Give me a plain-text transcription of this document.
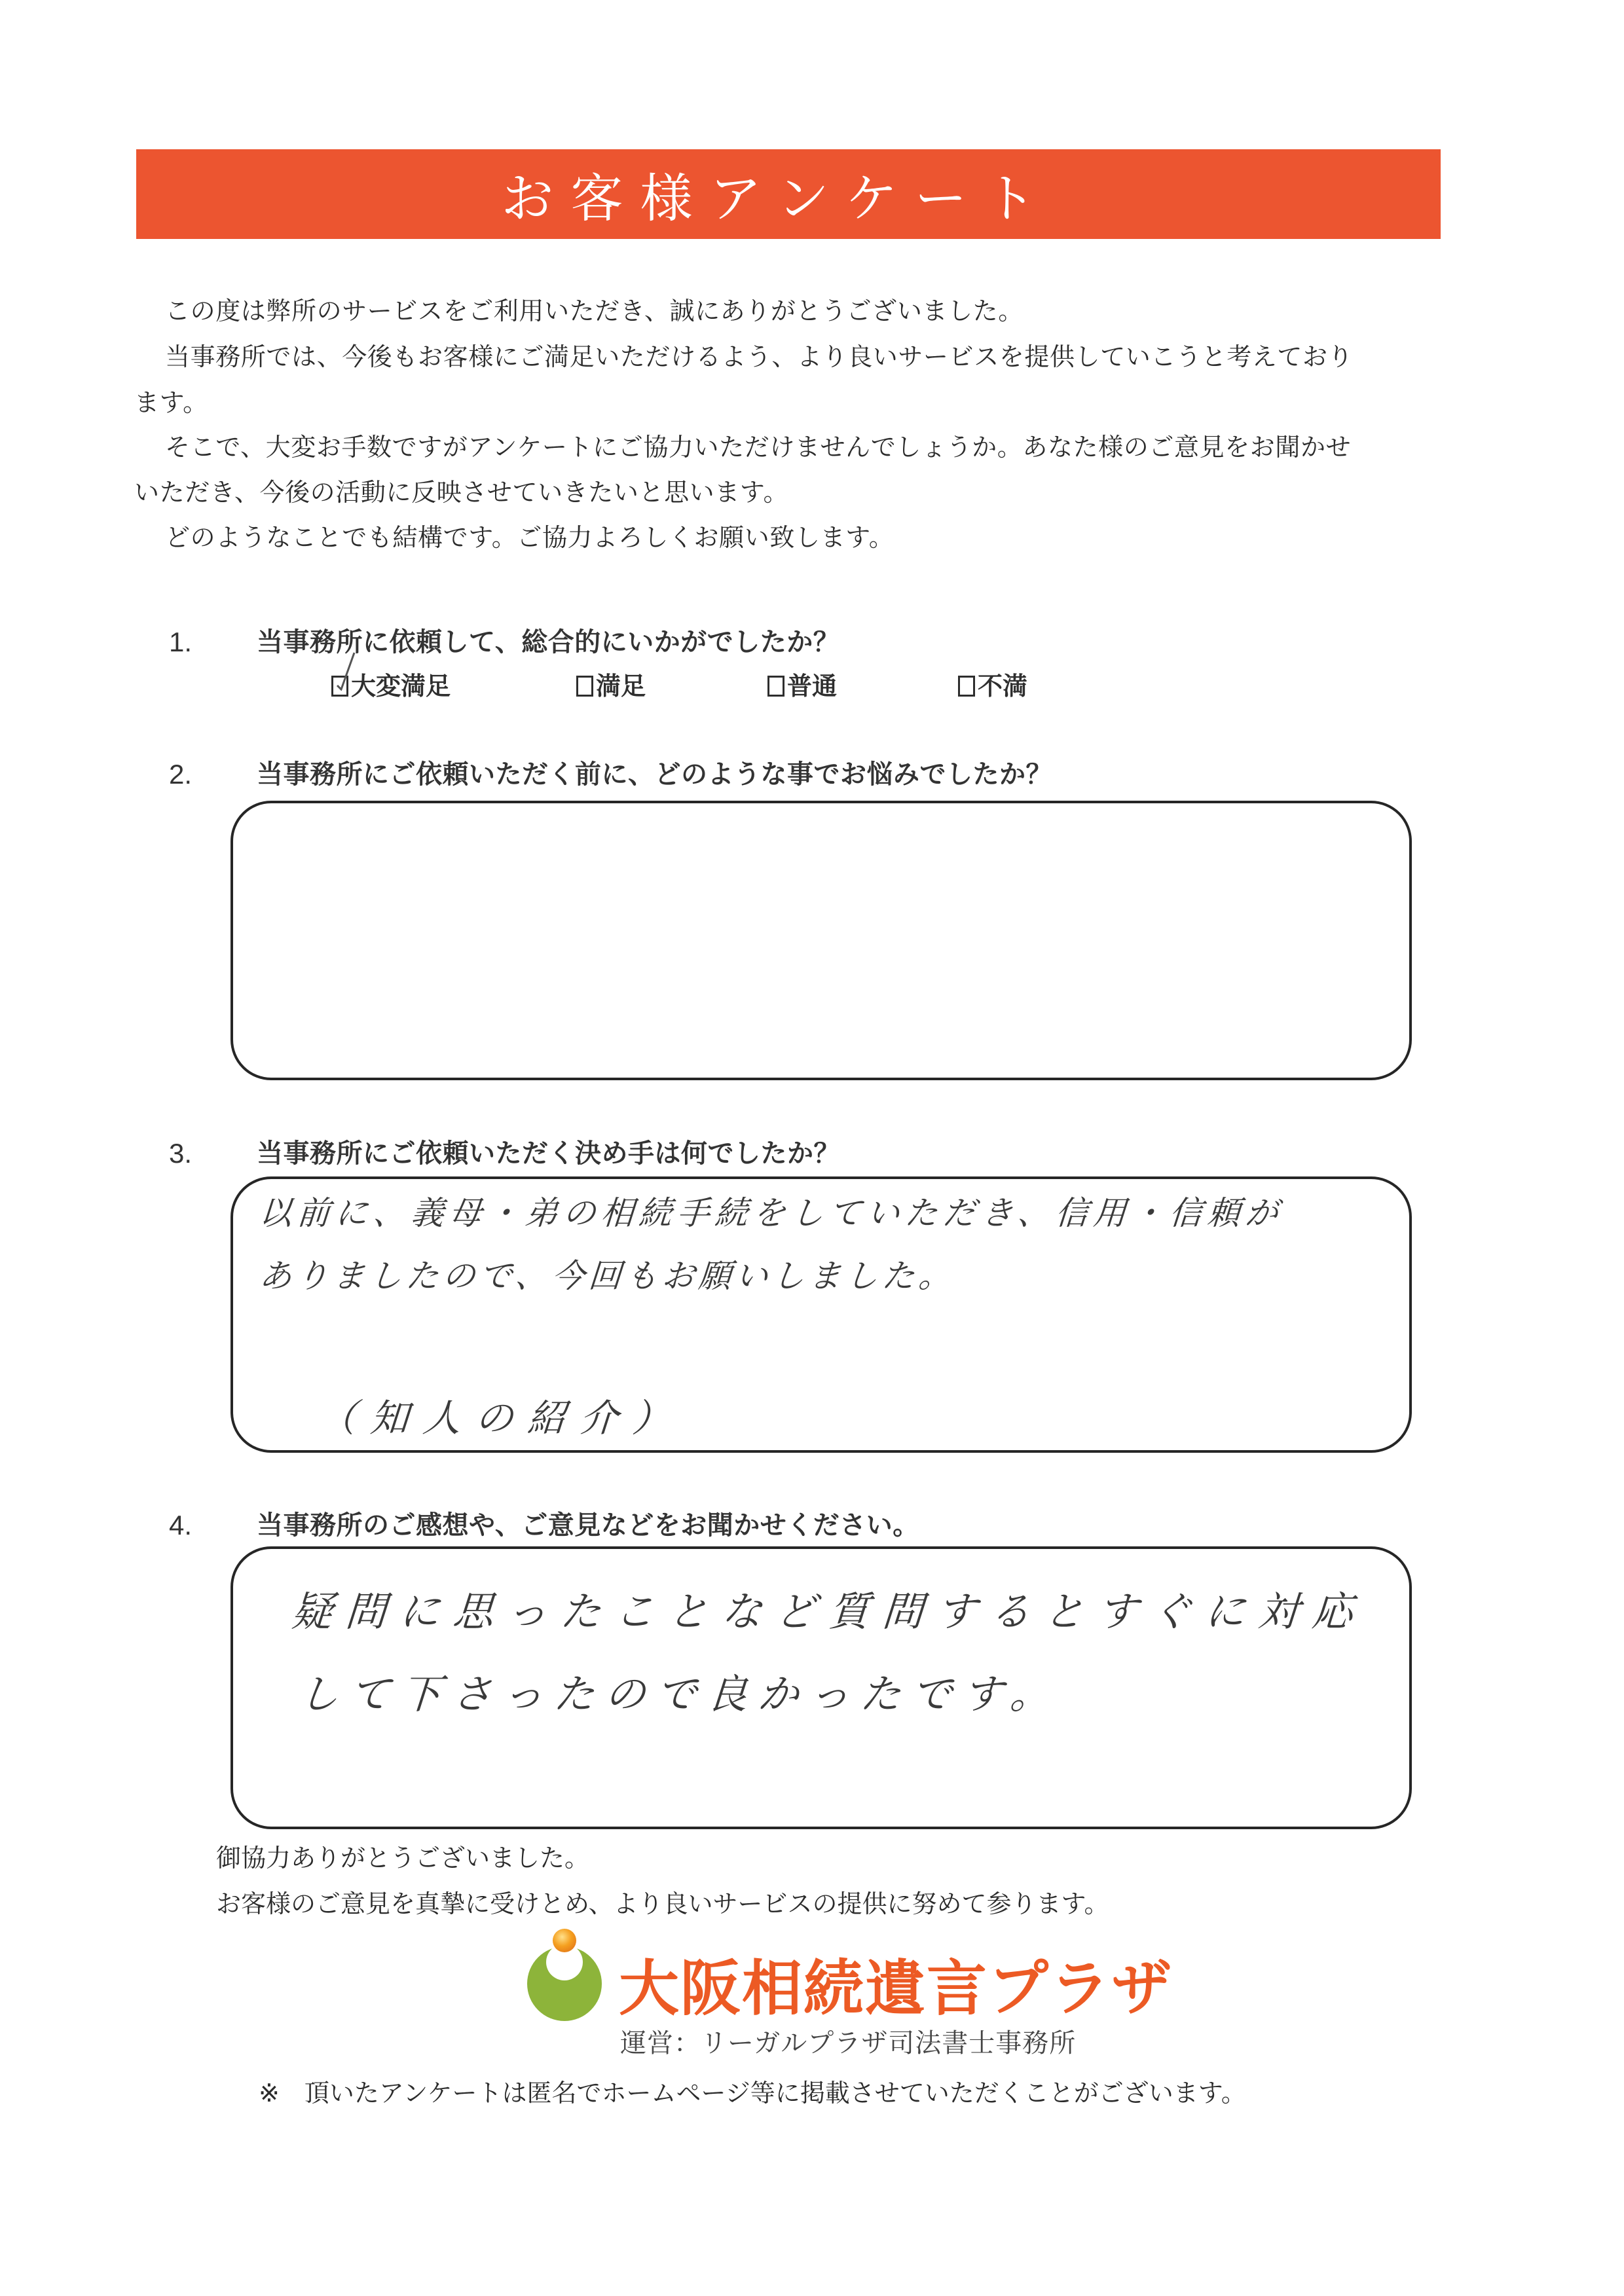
お客様アンケート
この度は弊所のサービスをご利用いただき、誠にありがとうございました。
当事務所では、今後もお客様にご満足いただけるよう、より良いサービスを提供していこうと考えており
ます。
そこで、大変お手数ですがアンケートにご協力いただけませんでしょうか。あなた様のご意見をお聞かせ
いただき、今後の活動に反映させていきたいと思います。
どのようなことでも結構です。ご協力よろしくお願い致します。
1. 当事務所に依頼して、総合的にいかがでしたか？
大変満足	満足	普通	不満
2. 当事務所にご依頼いただく前に、どのような事でお悩みでしたか？
3. 当事務所にご依頼いただく決め手は何でしたか？
以前に、義母・弟の相続手続をしていただき、信用・信頼が
ありましたので、今回もお願いしました。
（知人の紹介）
4. 当事務所のご感想や、ご意見などをお聞かせください。
疑問に思ったことなど質問するとすぐに対応
して下さったので良かったです。
御協力ありがとうございました。
お客様のご意見を真摯に受けとめ、より良いサービスの提供に努めて参ります。
大阪相続遺言プラザ
運営：リーガルプラザ司法書士事務所
※　頂いたアンケートは匿名でホームページ等に掲載させていただくことがございます。
